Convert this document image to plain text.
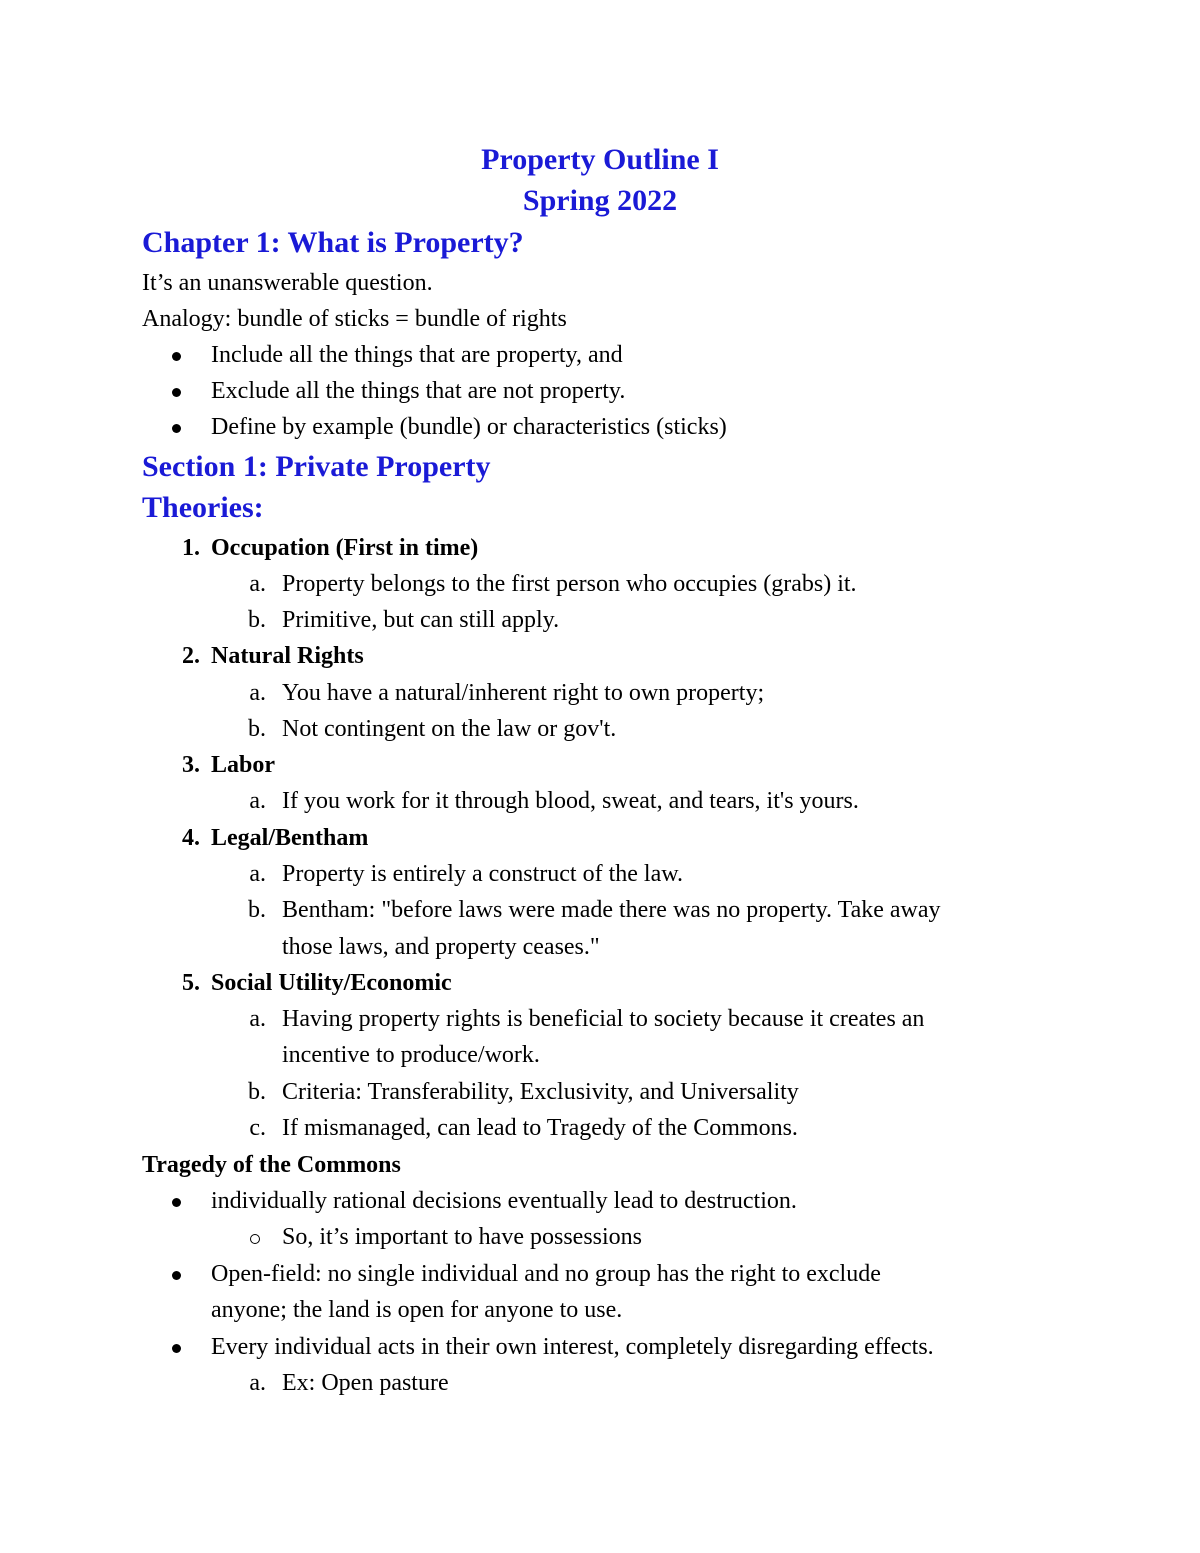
Property Outline I
Spring 2022
Chapter 1: What is Property?
It’s an unanswerable question.
Analogy: bundle of sticks = bundle of rights
Include all the things that are property, and
Exclude all the things that are not property.
Define by example (bundle) or characteristics (sticks)
Section 1: Private Property
Theories:
1. Occupation (First in time)
a. Property belongs to the first person who occupies (grabs) it.
b. Primitive, but can still apply.
2. Natural Rights
a. You have a natural/inherent right to own property;
b. Not contingent on the law or gov't.
3. Labor
a. If you work for it through blood, sweat, and tears, it's yours.
4. Legal/Bentham
a. Property is entirely a construct of the law.
b. Bentham: "before laws were made there was no property. Take away
those laws, and property ceases."
5. Social Utility/Economic
a. Having property rights is beneficial to society because it creates an
incentive to produce/work.
b. Criteria: Transferability, Exclusivity, and Universality
c. If mismanaged, can lead to Tragedy of the Commons.
Tragedy of the Commons
individually rational decisions eventually lead to destruction.
So, it’s important to have possessions
Open-field: no single individual and no group has the right to exclude
anyone; the land is open for anyone to use.
Every individual acts in their own interest, completely disregarding effects.
a. Ex: Open pasture
